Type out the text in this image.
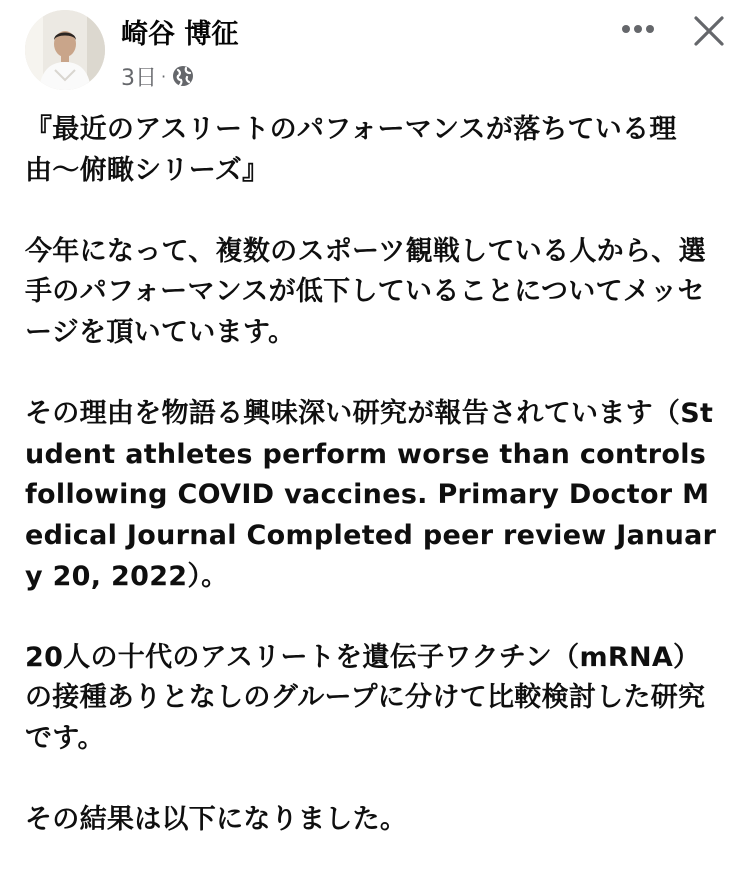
崎谷 博征
3日 ·

『最近のアスリートのパフォーマンスが落ちている理由〜俯瞰シリーズ』

今年になって、複数のスポーツ観戦している人から、選手のパフォーマンスが低下していることについてメッセージを頂いています。

その理由を物語る興味深い研究が報告されています（Student athletes perform worse than controls following COVID vaccines. Primary Doctor Medical Journal Completed peer review January 20, 2022）。

20人の十代のアスリートを遺伝子ワクチン（mRNA）の接種ありとなしのグループに分けて比較検討した研究です。

その結果は以下になりました。
